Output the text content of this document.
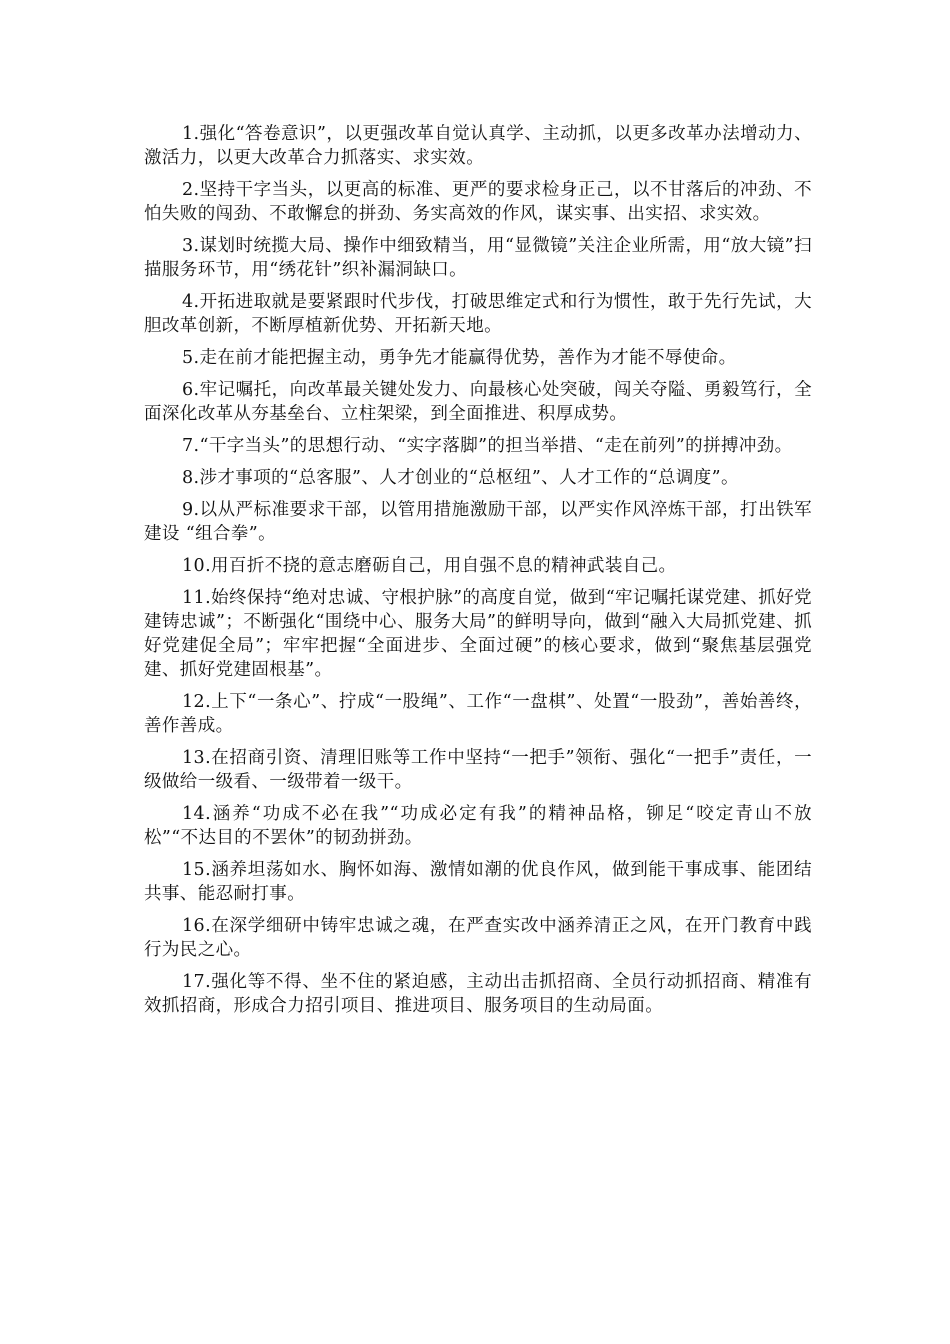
1.强化“答卷意识”，以更强改革自觉认真学、主动抓，以更多改革办法增动力、激活力，以更大改革合力抓落实、求实效。

2.坚持干字当头，以更高的标准、更严的要求检身正己，以不甘落后的冲劲、不怕失败的闯劲、不敢懈怠的拼劲、务实高效的作风，谋实事、出实招、求实效。

3.谋划时统揽大局、操作中细致精当，用“显微镜”关注企业所需，用“放大镜”扫描服务环节，用“绣花针”织补漏洞缺口。

4.开拓进取就是要紧跟时代步伐，打破思维定式和行为惯性，敢于先行先试，大胆改革创新，不断厚植新优势、开拓新天地。

5.走在前才能把握主动，勇争先才能赢得优势，善作为才能不辱使命。

6.牢记嘱托，向改革最关键处发力、向最核心处突破，闯关夺隘、勇毅笃行，全面深化改革从夯基垒台、立柱架梁，到全面推进、积厚成势。

7.“干字当头”的思想行动、“实字落脚”的担当举措、“走在前列”的拼搏冲劲。

8.涉才事项的“总客服”、人才创业的“总枢纽”、人才工作的“总调度”。

9.以从严标准要求干部，以管用措施激励干部，以严实作风淬炼干部，打出铁军建设 “组合拳”。

10.用百折不挠的意志磨砺自己，用自强不息的精神武装自己。

11.始终保持“绝对忠诚、守根护脉”的高度自觉，做到“牢记嘱托谋党建、抓好党建铸忠诚”；不断强化“围绕中心、服务大局”的鲜明导向，做到“融入大局抓党建、抓好党建促全局”；牢牢把握“全面进步、全面过硬”的核心要求，做到“聚焦基层强党建、抓好党建固根基”。

12.上下“一条心”、拧成“一股绳”、工作“一盘棋”、处置“一股劲”，善始善终，善作善成。

13.在招商引资、清理旧账等工作中坚持“一把手”领衔、强化“一把手”责任，一级做给一级看、一级带着一级干。

14.涵养“功成不必在我”“功成必定有我”的精神品格，铆足“咬定青山不放松”“不达目的不罢休”的韧劲拼劲。

15.涵养坦荡如水、胸怀如海、激情如潮的优良作风，做到能干事成事、能团结共事、能忍耐打事。

16.在深学细研中铸牢忠诚之魂，在严查实改中涵养清正之风，在开门教育中践行为民之心。

17.强化等不得、坐不住的紧迫感，主动出击抓招商、全员行动抓招商、精准有效抓招商，形成合力招引项目、推进项目、服务项目的生动局面。
